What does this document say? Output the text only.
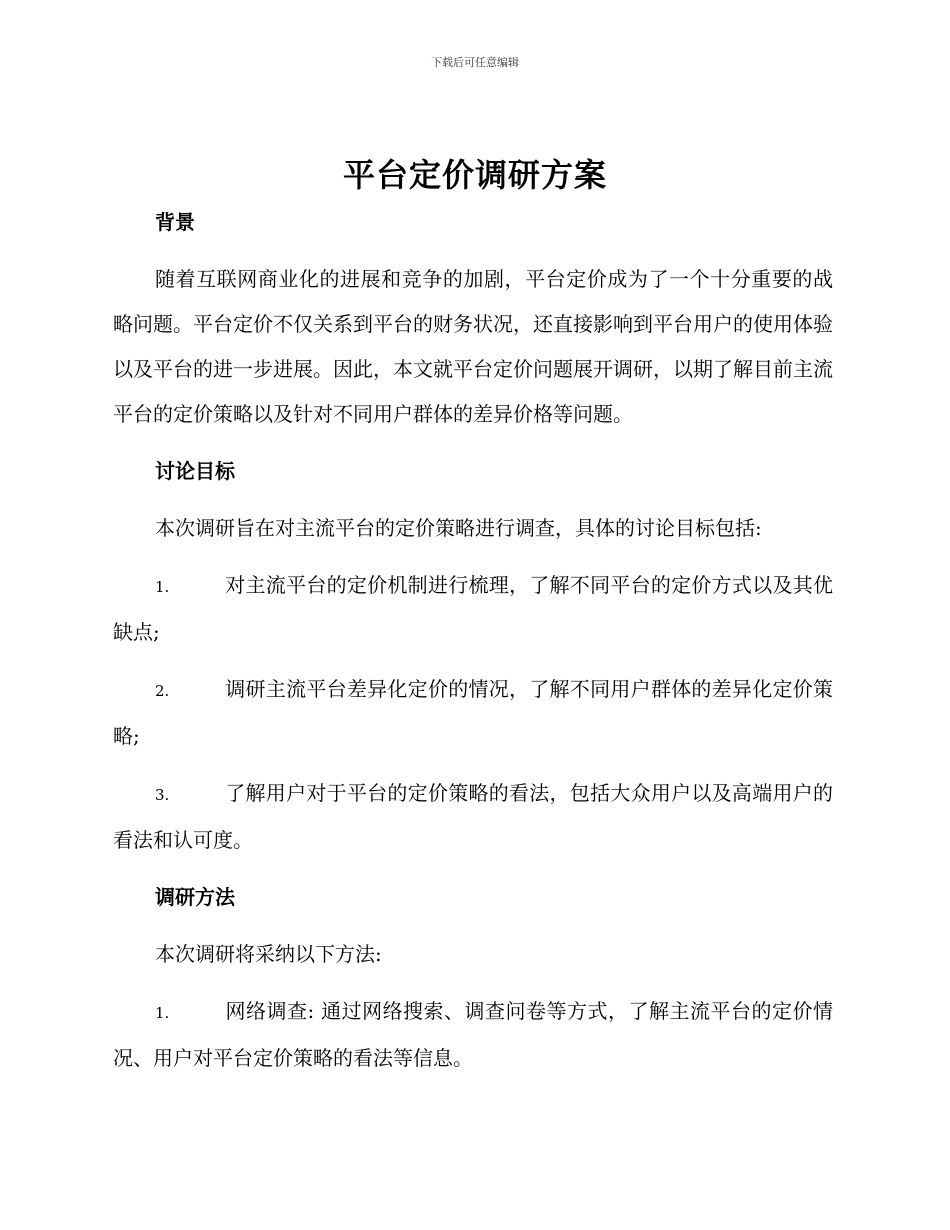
下载后可任意编辑
平台定价调研方案
背景
随着互联网商业化的进展和竞争的加剧，平台定价成为了一个十分重要的战略问题。平台定价不仅关系到平台的财务状况，还直接影响到平台用户的使用体验以及平台的进一步进展。因此，本文就平台定价问题展开调研，以期了解目前主流平台的定价策略以及针对不同用户群体的差异价格等问题。
讨论目标
本次调研旨在对主流平台的定价策略进行调查，具体的讨论目标包括:
1.	对主流平台的定价机制进行梳理，了解不同平台的定价方式以及其优缺点;
2.	调研主流平台差异化定价的情况，了解不同用户群体的差异化定价策略;
3.	了解用户对于平台的定价策略的看法，包括大众用户以及高端用户的看法和认可度。
调研方法
本次调研将采纳以下方法:
1.	网络调查: 通过网络搜索、调查问卷等方式，了解主流平台的定价情况、用户对平台定价策略的看法等信息。
